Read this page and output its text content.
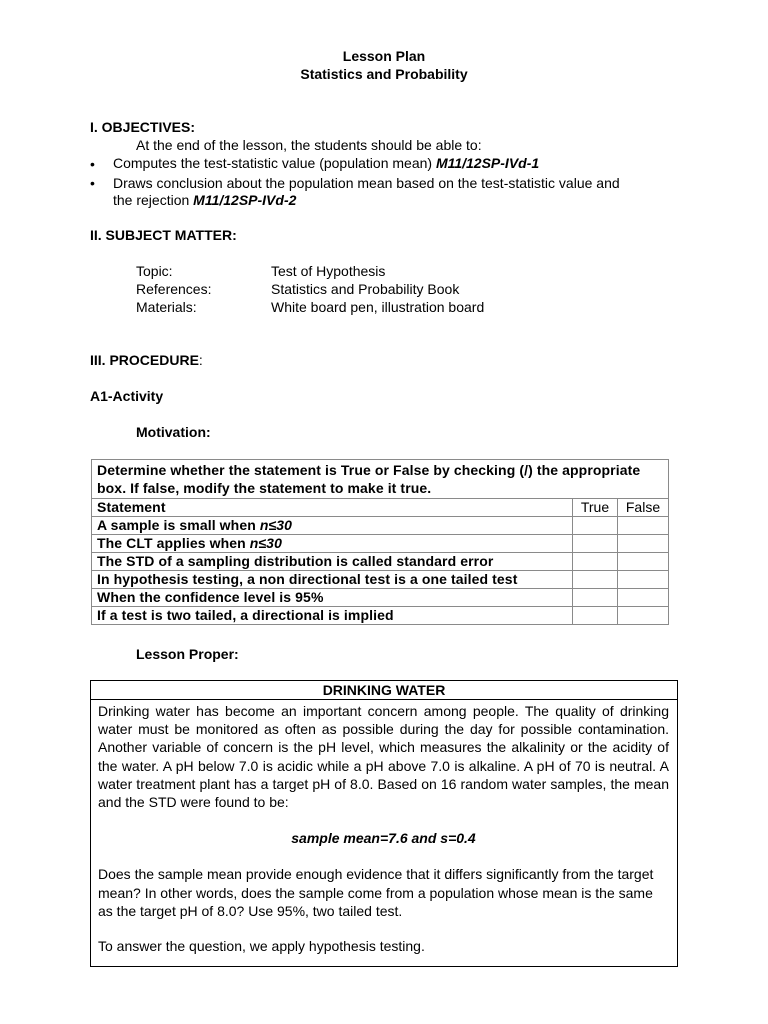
Lesson Plan
Statistics and Probability
I. OBJECTIVES:
At the end of the lesson, the students should be able to:
• Computes the test-statistic value (population mean) M11/12SP-IVd-1
• Draws conclusion about the population mean based on the test-statistic value and
the rejection M11/12SP-IVd-2
II. SUBJECT MATTER:
Topic:	Test of Hypothesis
References:	Statistics and Probability Book
Materials:	White board pen, illustration board
III. PROCEDURE:
A1-Activity
Motivation:
Determine whether the statement is True or False by checking (/) the appropriate box. If false, modify the statement to make it true.		
Statement	True	False
A sample is small when n≤30		
The CLT applies when n≤30		
The STD of a sampling distribution is called standard error		
In hypothesis testing, a non directional test is a one tailed test		
When the confidence level is 95%		
If a test is two tailed, a directional is implied		
Lesson Proper:
DRINKING WATER

Drinking water has become an important concern among people. The quality of drinking water must be monitored as often as possible during the day for possible contamination. Another variable of concern is the pH level, which measures the alkalinity or the acidity of the water. A pH below 7.0 is acidic while a pH above 7.0 is alkaline. A pH of 70 is neutral. A water treatment plant has a target pH of 8.0. Based on 16 random water samples, the mean and the STD were found to be:

sample mean=7.6 and s=0.4

Does the sample mean provide enough evidence that it differs significantly from the target mean? In other words, does the sample come from a population whose mean is the same as the target pH of 8.0? Use 95%, two tailed test.

To answer the question, we apply hypothesis testing.
